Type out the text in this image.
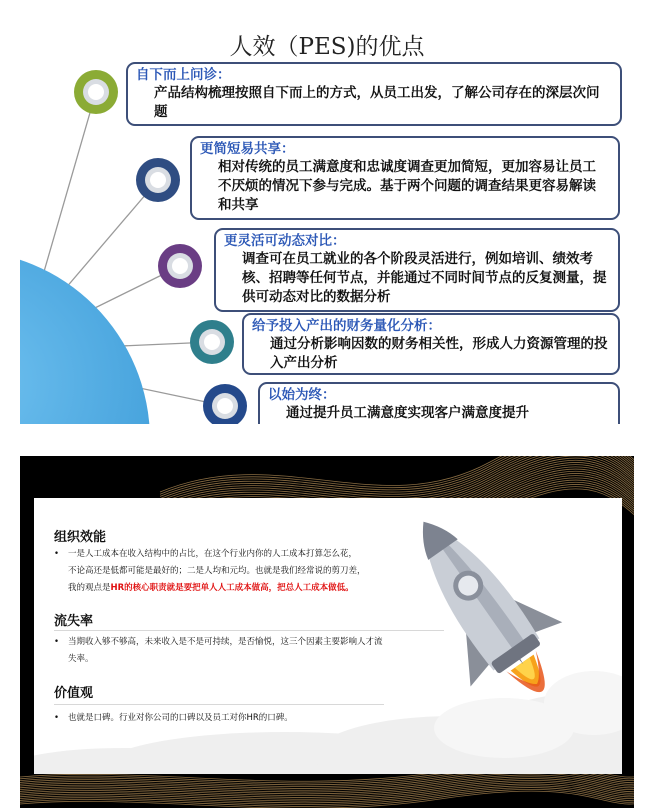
人效（PES)的优点
自下而上问诊：
产品结构梳理按照自下而上的方式，从员工出发，了解公司存在的深层次问题
更简短易共享：
相对传统的员工满意度和忠诚度调查更加简短，更加容易让员工不厌烦的情况下参与完成。基于两个问题的调查结果更容易解读和共享
更灵活可动态对比：
调查可在员工就业的各个阶段灵活进行，例如培训、绩效考核、招聘等任何节点，并能通过不同时间节点的反复测量，提供可动态对比的数据分析
给予投入产出的财务量化分析：
通过分析影响因数的财务相关性，形成人力资源管理的投入产出分析
以始为终：
通过提升员工满意度实现客户满意度提升
组织效能
• 一是人工成本在收入结构中的占比，在这个行业内你的人工成本打算怎么花，
不论高还是低都可能是最好的；二是人均和元均。也就是我们经常说的剪刀差，
我的观点是HR的核心职责就是要把单人人工成本做高，把总人工成本做低。
流失率
• 当期收入够不够高，未来收入是不是可持续，是否愉悦，这三个因素主要影响人才流
失率。
价值观
• 也就是口碑。行业对你公司的口碑以及员工对你HR的口碑。
